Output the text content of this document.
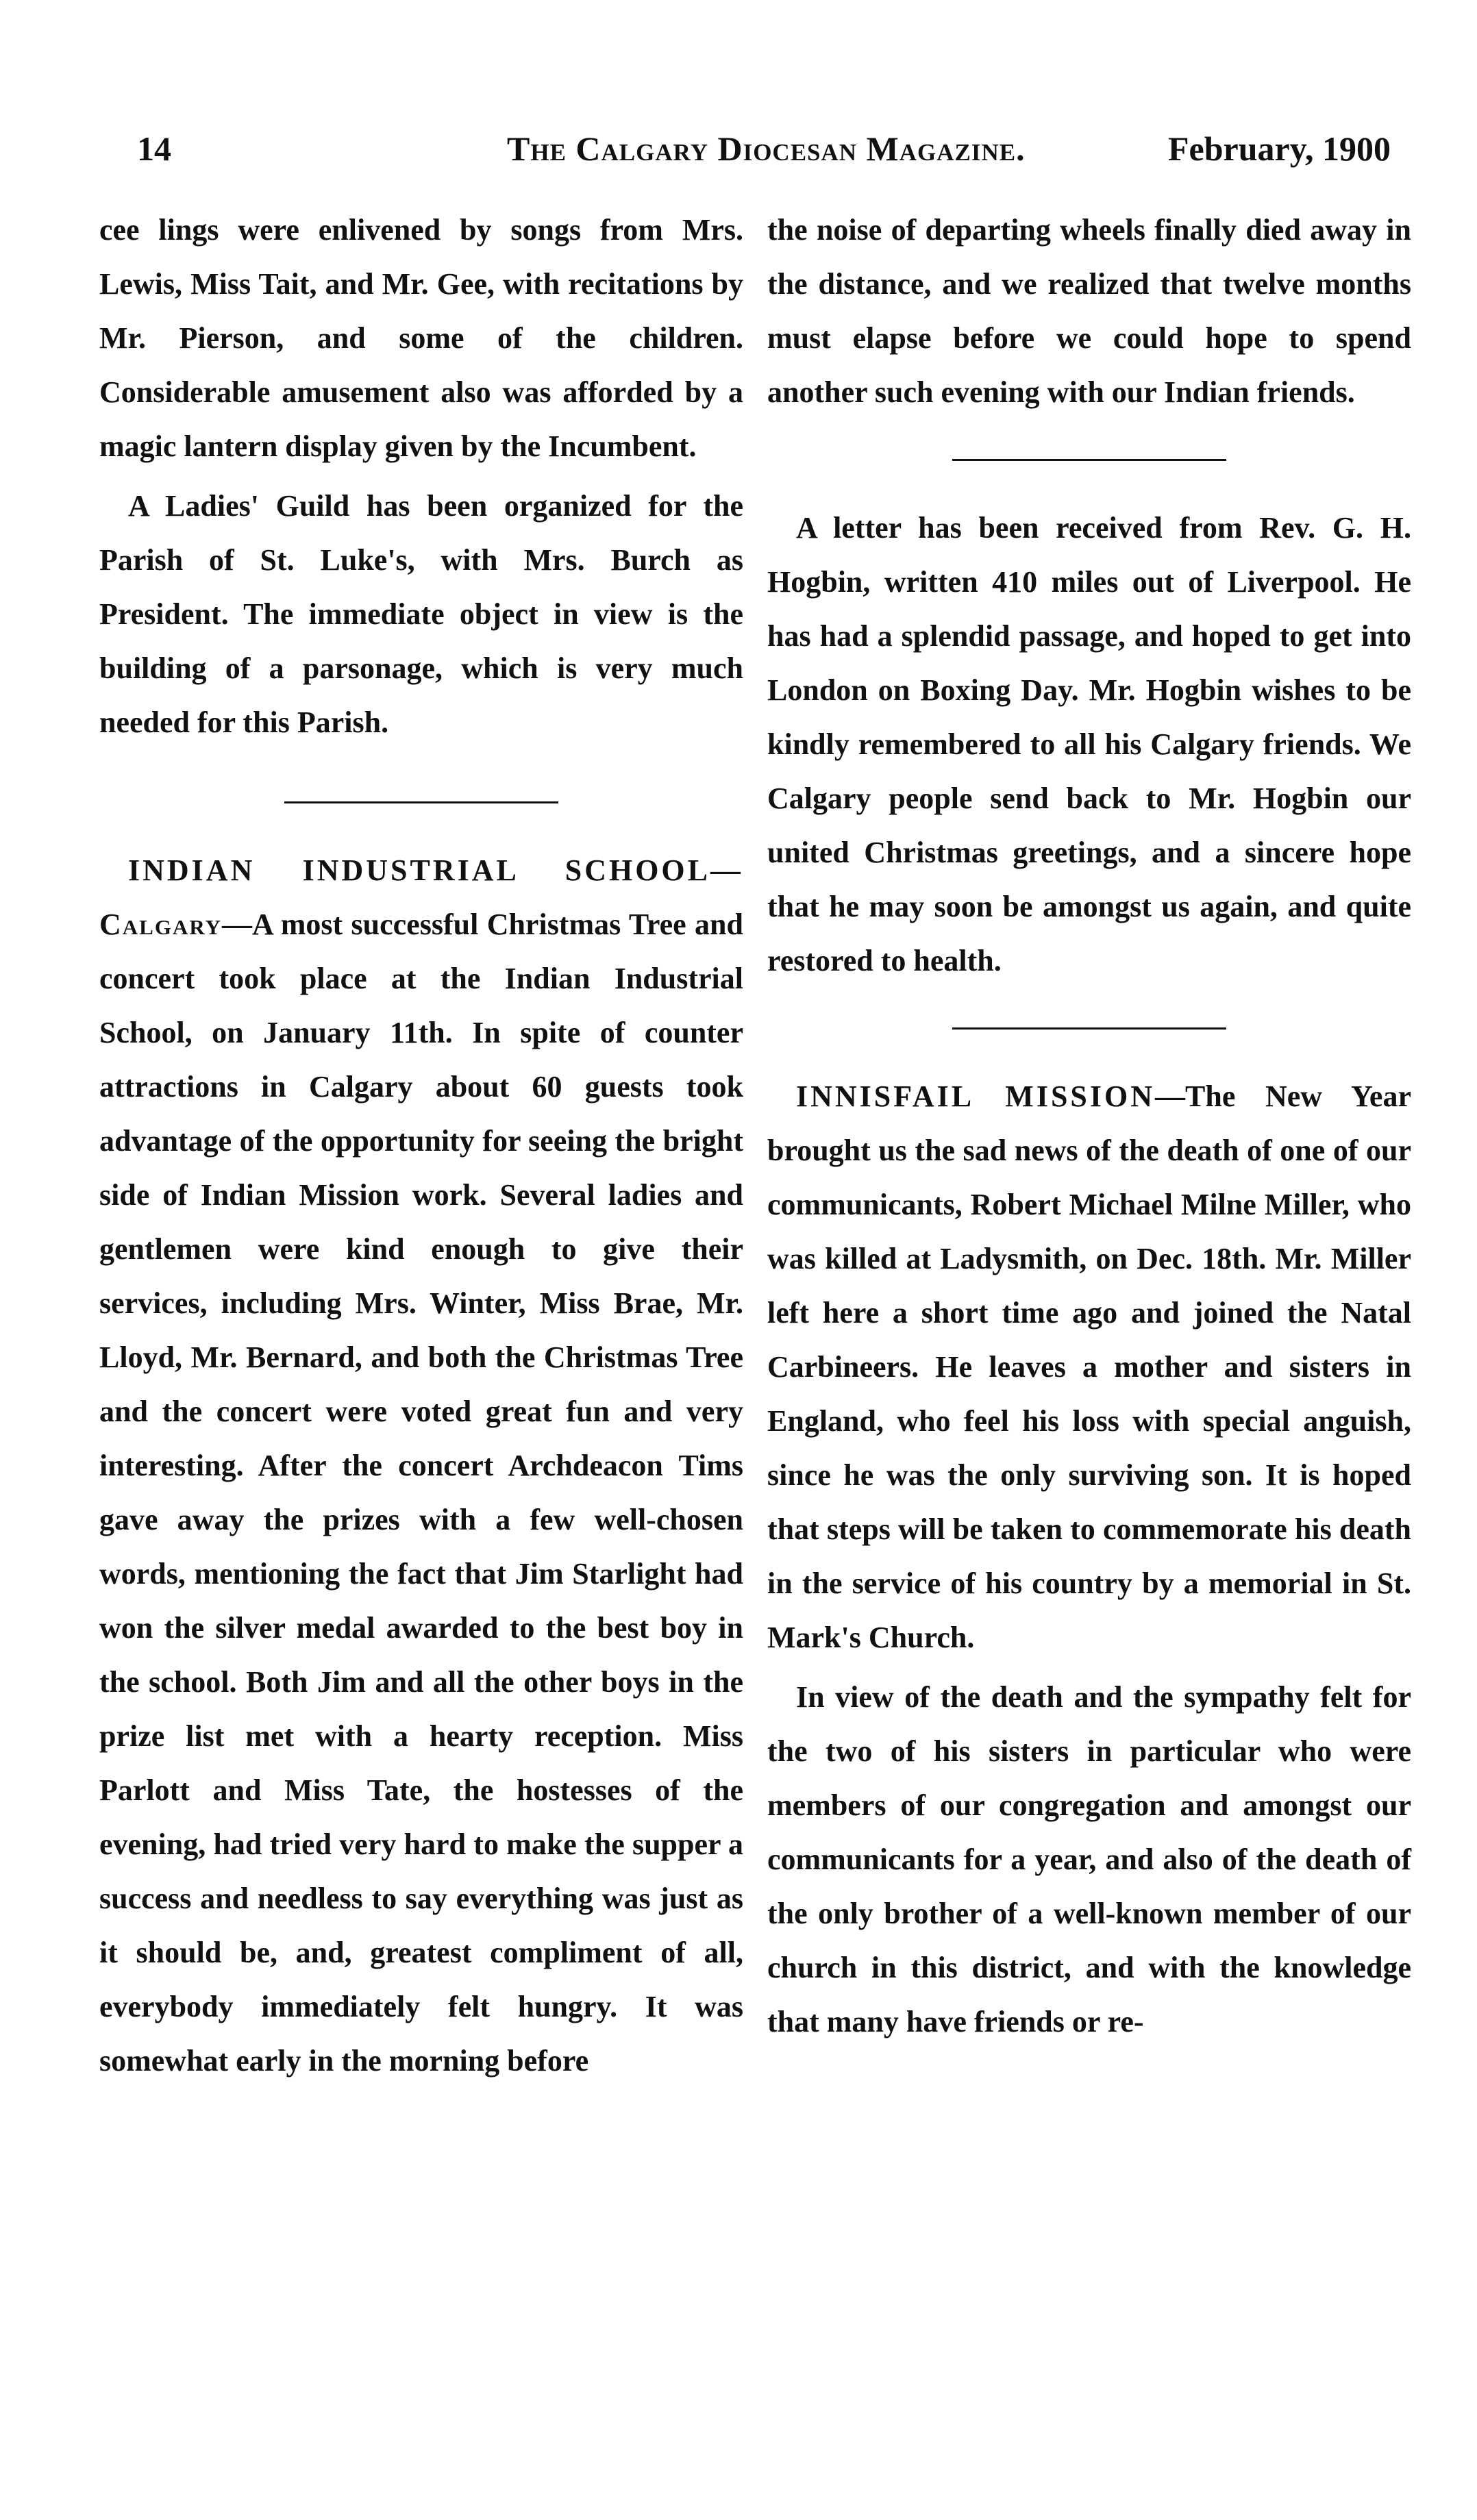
14	The Calgary Diocesan Magazine.	February, 1900

cee lings were enlivened by songs from Mrs. Lewis, Miss Tait, and Mr. Gee, with recitations by Mr. Pierson, and some of the children. Considerable amusement also was afforded by a magic lantern display given by the Incumbent.

A Ladies' Guild has been organized for the Parish of St. Luke's, with Mrs. Burch as President. The immediate object in view is the building of a parsonage, which is very much needed for this Parish.

INDIAN INDUSTRIAL SCHOOL— Calgary—A most successful Christmas Tree and concert took place at the Indian Industrial School, on January 11th. In spite of counter attractions in Calgary about 60 guests took advantage of the opportunity for seeing the bright side of Indian Mission work. Several ladies and gentlemen were kind enough to give their services, including Mrs. Winter, Miss Brae, Mr. Lloyd, Mr. Bernard, and both the Christmas Tree and the concert were voted great fun and very interesting. After the concert Archdeacon Tims gave away the prizes with a few well-chosen words, mentioning the fact that Jim Starlight had won the silver medal awarded to the best boy in the school. Both Jim and all the other boys in the prize list met with a hearty reception. Miss Parlott and Miss Tate, the hostesses of the evening, had tried very hard to make the supper a success and needless to say everything was just as it should be, and, greatest compliment of all, everybody immediately felt hungry. It was somewhat early in the morning before

the noise of departing wheels finally died away in the distance, and we realized that twelve months must elapse before we could hope to spend another such evening with our Indian friends.

A letter has been received from Rev. G. H. Hogbin, written 410 miles out of Liverpool. He has had a splendid passage, and hoped to get into London on Boxing Day. Mr. Hogbin wishes to be kindly remembered to all his Calgary friends. We Calgary people send back to Mr. Hogbin our united Christmas greetings, and a sincere hope that he may soon be amongst us again, and quite restored to health.

INNISFAIL MISSION—The New Year brought us the sad news of the death of one of our communicants, Robert Michael Milne Miller, who was killed at Ladysmith, on Dec. 18th. Mr. Miller left here a short time ago and joined the Natal Carbineers. He leaves a mother and sisters in England, who feel his loss with special anguish, since he was the only surviving son. It is hoped that steps will be taken to commemorate his death in the service of his country by a memorial in St. Mark's Church.

In view of the death and the sympathy felt for the two of his sisters in particular who were members of our congregation and amongst our communicants for a year, and also of the death of the only brother of a well-known member of our church in this district, and with the knowledge that many have friends or re-
